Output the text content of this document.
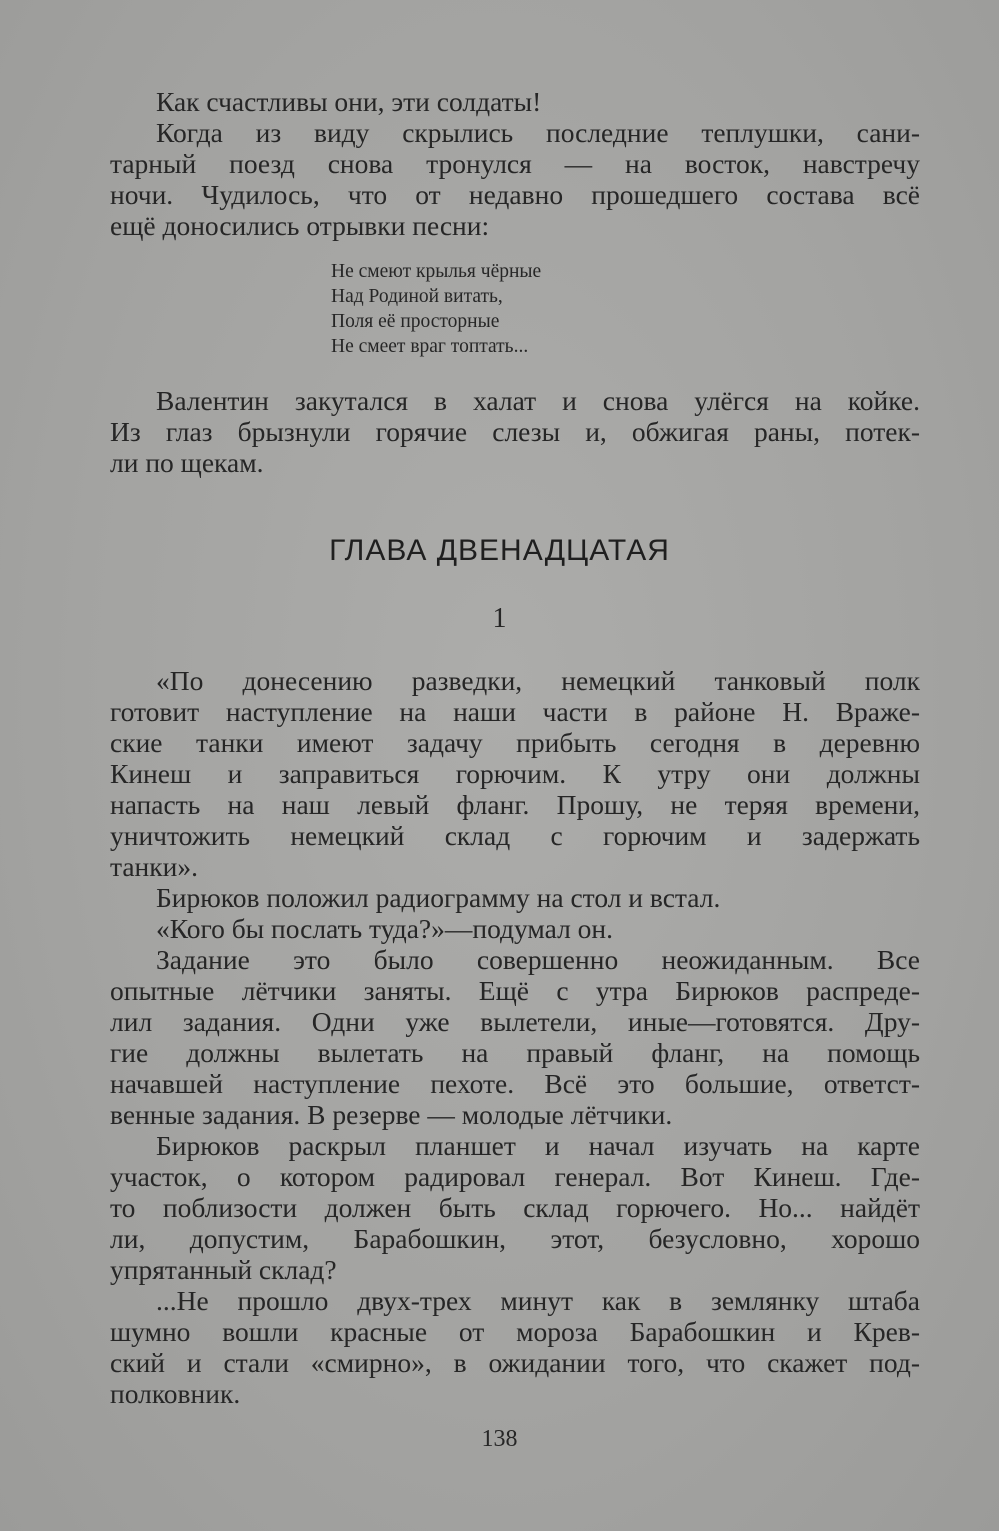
Как счастливы они, эти солдаты!
Когда из виду скрылись последние теплушки, сани-
тарный поезд снова тронулся — на восток, навстречу
ночи. Чудилось, что от недавно прошедшего состава всё
ещё доносились отрывки песни:
Не смеют крылья чёрные
Над Родиной витать,
Поля её просторные
Не смеет враг топтать...
Валентин закутался в халат и снова улёгся на койке.
Из глаз брызнули горячие слезы и, обжигая раны, потек-
ли по щекам.
ГЛАВА ДВЕНАДЦАТАЯ
1
«По донесению разведки, немецкий танковый полк
готовит наступление на наши части в районе Н. Враже-
ские танки имеют задачу прибыть сегодня в деревню
Кинеш и заправиться горючим. К утру они должны
напасть на наш левый фланг. Прошу, не теряя времени,
уничтожить немецкий склад с горючим и задержать
танки».
Бирюков положил радиограмму на стол и встал.
«Кого бы послать туда?»—подумал он.
Задание это было совершенно неожиданным. Все
опытные лётчики заняты. Ещё с утра Бирюков распреде-
лил задания. Одни уже вылетели, иные—готовятся. Дру-
гие должны вылетать на правый фланг, на помощь
начавшей наступление пехоте. Всё это большие, ответст-
венные задания. В резерве — молодые лётчики.
Бирюков раскрыл планшет и начал изучать на карте
участок, о котором радировал генерал. Вот Кинеш. Где-
то поблизости должен быть склад горючего. Но... найдёт
ли, допустим, Барабошкин, этот, безусловно, хорошо
упрятанный склад?
...Не прошло двух-трех минут как в землянку штаба
шумно вошли красные от мороза Барабошкин и Крев-
ский и стали «смирно», в ожидании того, что скажет под-
полковник.
138
